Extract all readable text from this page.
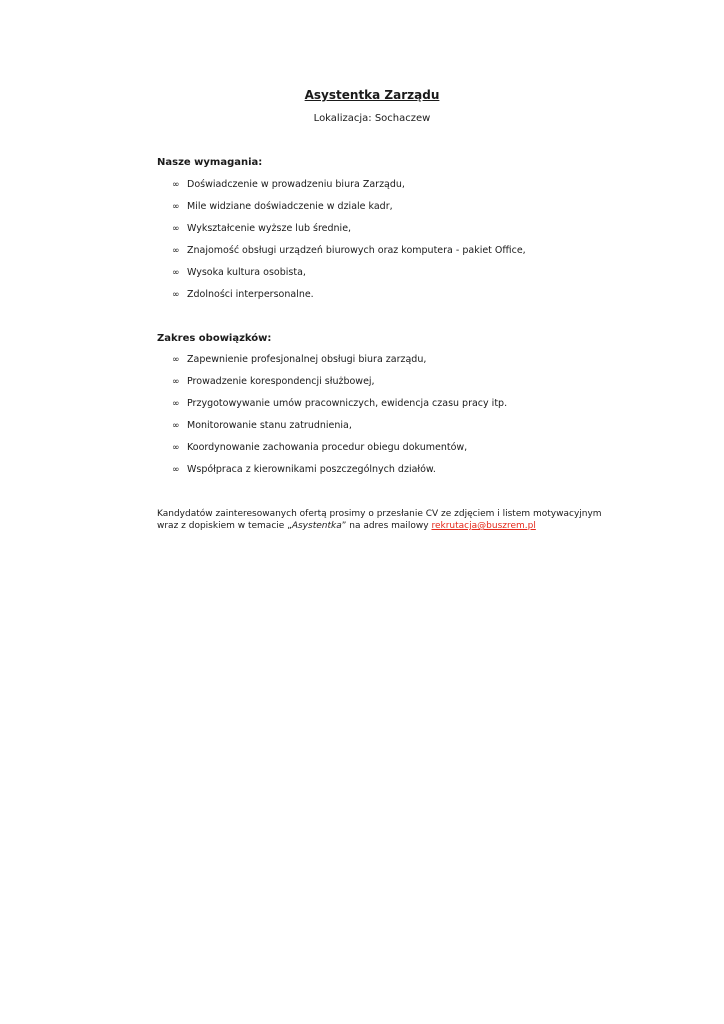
Asystentka Zarządu
Lokalizacja: Sochaczew
Nasze wymagania:
∞ Doświadczenie w prowadzeniu biura Zarządu,
∞ Mile widziane doświadczenie w dziale kadr,
∞ Wykształcenie wyższe lub średnie,
∞ Znajomość obsługi urządzeń biurowych oraz komputera - pakiet Office,
∞ Wysoka kultura osobista,
∞ Zdolności interpersonalne.
Zakres obowiązków:
∞ Zapewnienie profesjonalnej obsługi biura zarządu,
∞ Prowadzenie korespondencji służbowej,
∞ Przygotowywanie umów pracowniczych, ewidencja czasu pracy itp.
∞ Monitorowanie stanu zatrudnienia,
∞ Koordynowanie zachowania procedur obiegu dokumentów,
∞ Współpraca z kierownikami poszczególnych działów.
Kandydatów zainteresowanych ofertą prosimy o przesłanie CV ze zdjęciem i listem motywacyjnym
wraz z dopiskiem w temacie „Asystentka” na adres mailowy rekrutacja@buszrem.pl
